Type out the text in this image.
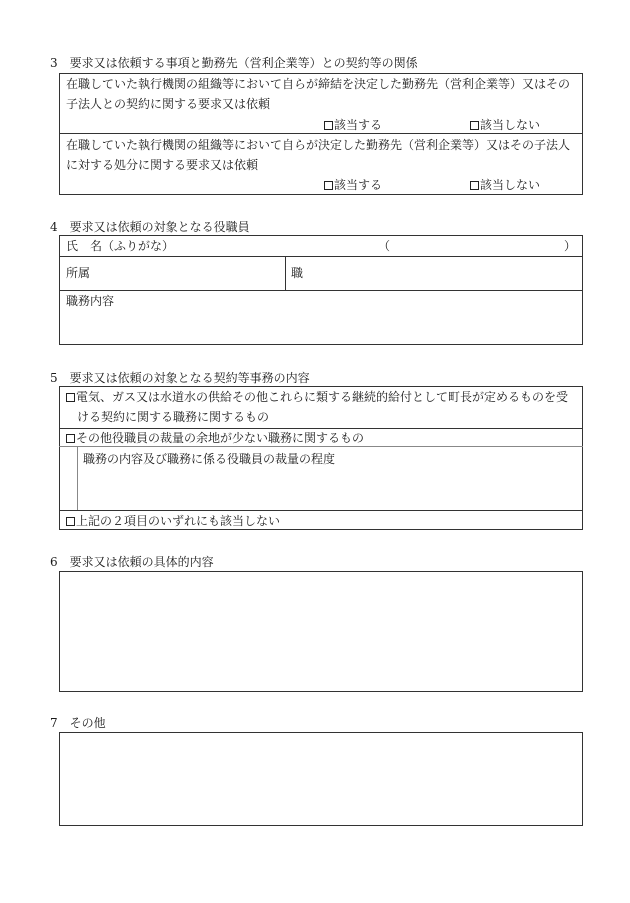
3　要求又は依頼する事項と勤務先（営利企業等）との契約等の関係
在職していた執行機関の組織等において自らが締結を決定した勤務先（営利企業等）又はその
子法人との契約に関する要求又は依頼
該当する	該当しない
在職していた執行機関の組織等において自らが決定した勤務先（営利企業等）又はその子法人
に対する処分に関する要求又は依頼
該当する	該当しない
4　要求又は依頼の対象となる役職員
氏　名（ふりがな）	（	）
所属	職
職務内容
5　要求又は依頼の対象となる契約等事務の内容
電気、ガス又は水道水の供給その他これらに類する継続的給付として町長が定めるものを受
ける契約に関する職務に関するもの
その他役職員の裁量の余地が少ない職務に関するもの
職務の内容及び職務に係る役職員の裁量の程度
上記の２項目のいずれにも該当しない
6　要求又は依頼の具体的内容
7　その他
